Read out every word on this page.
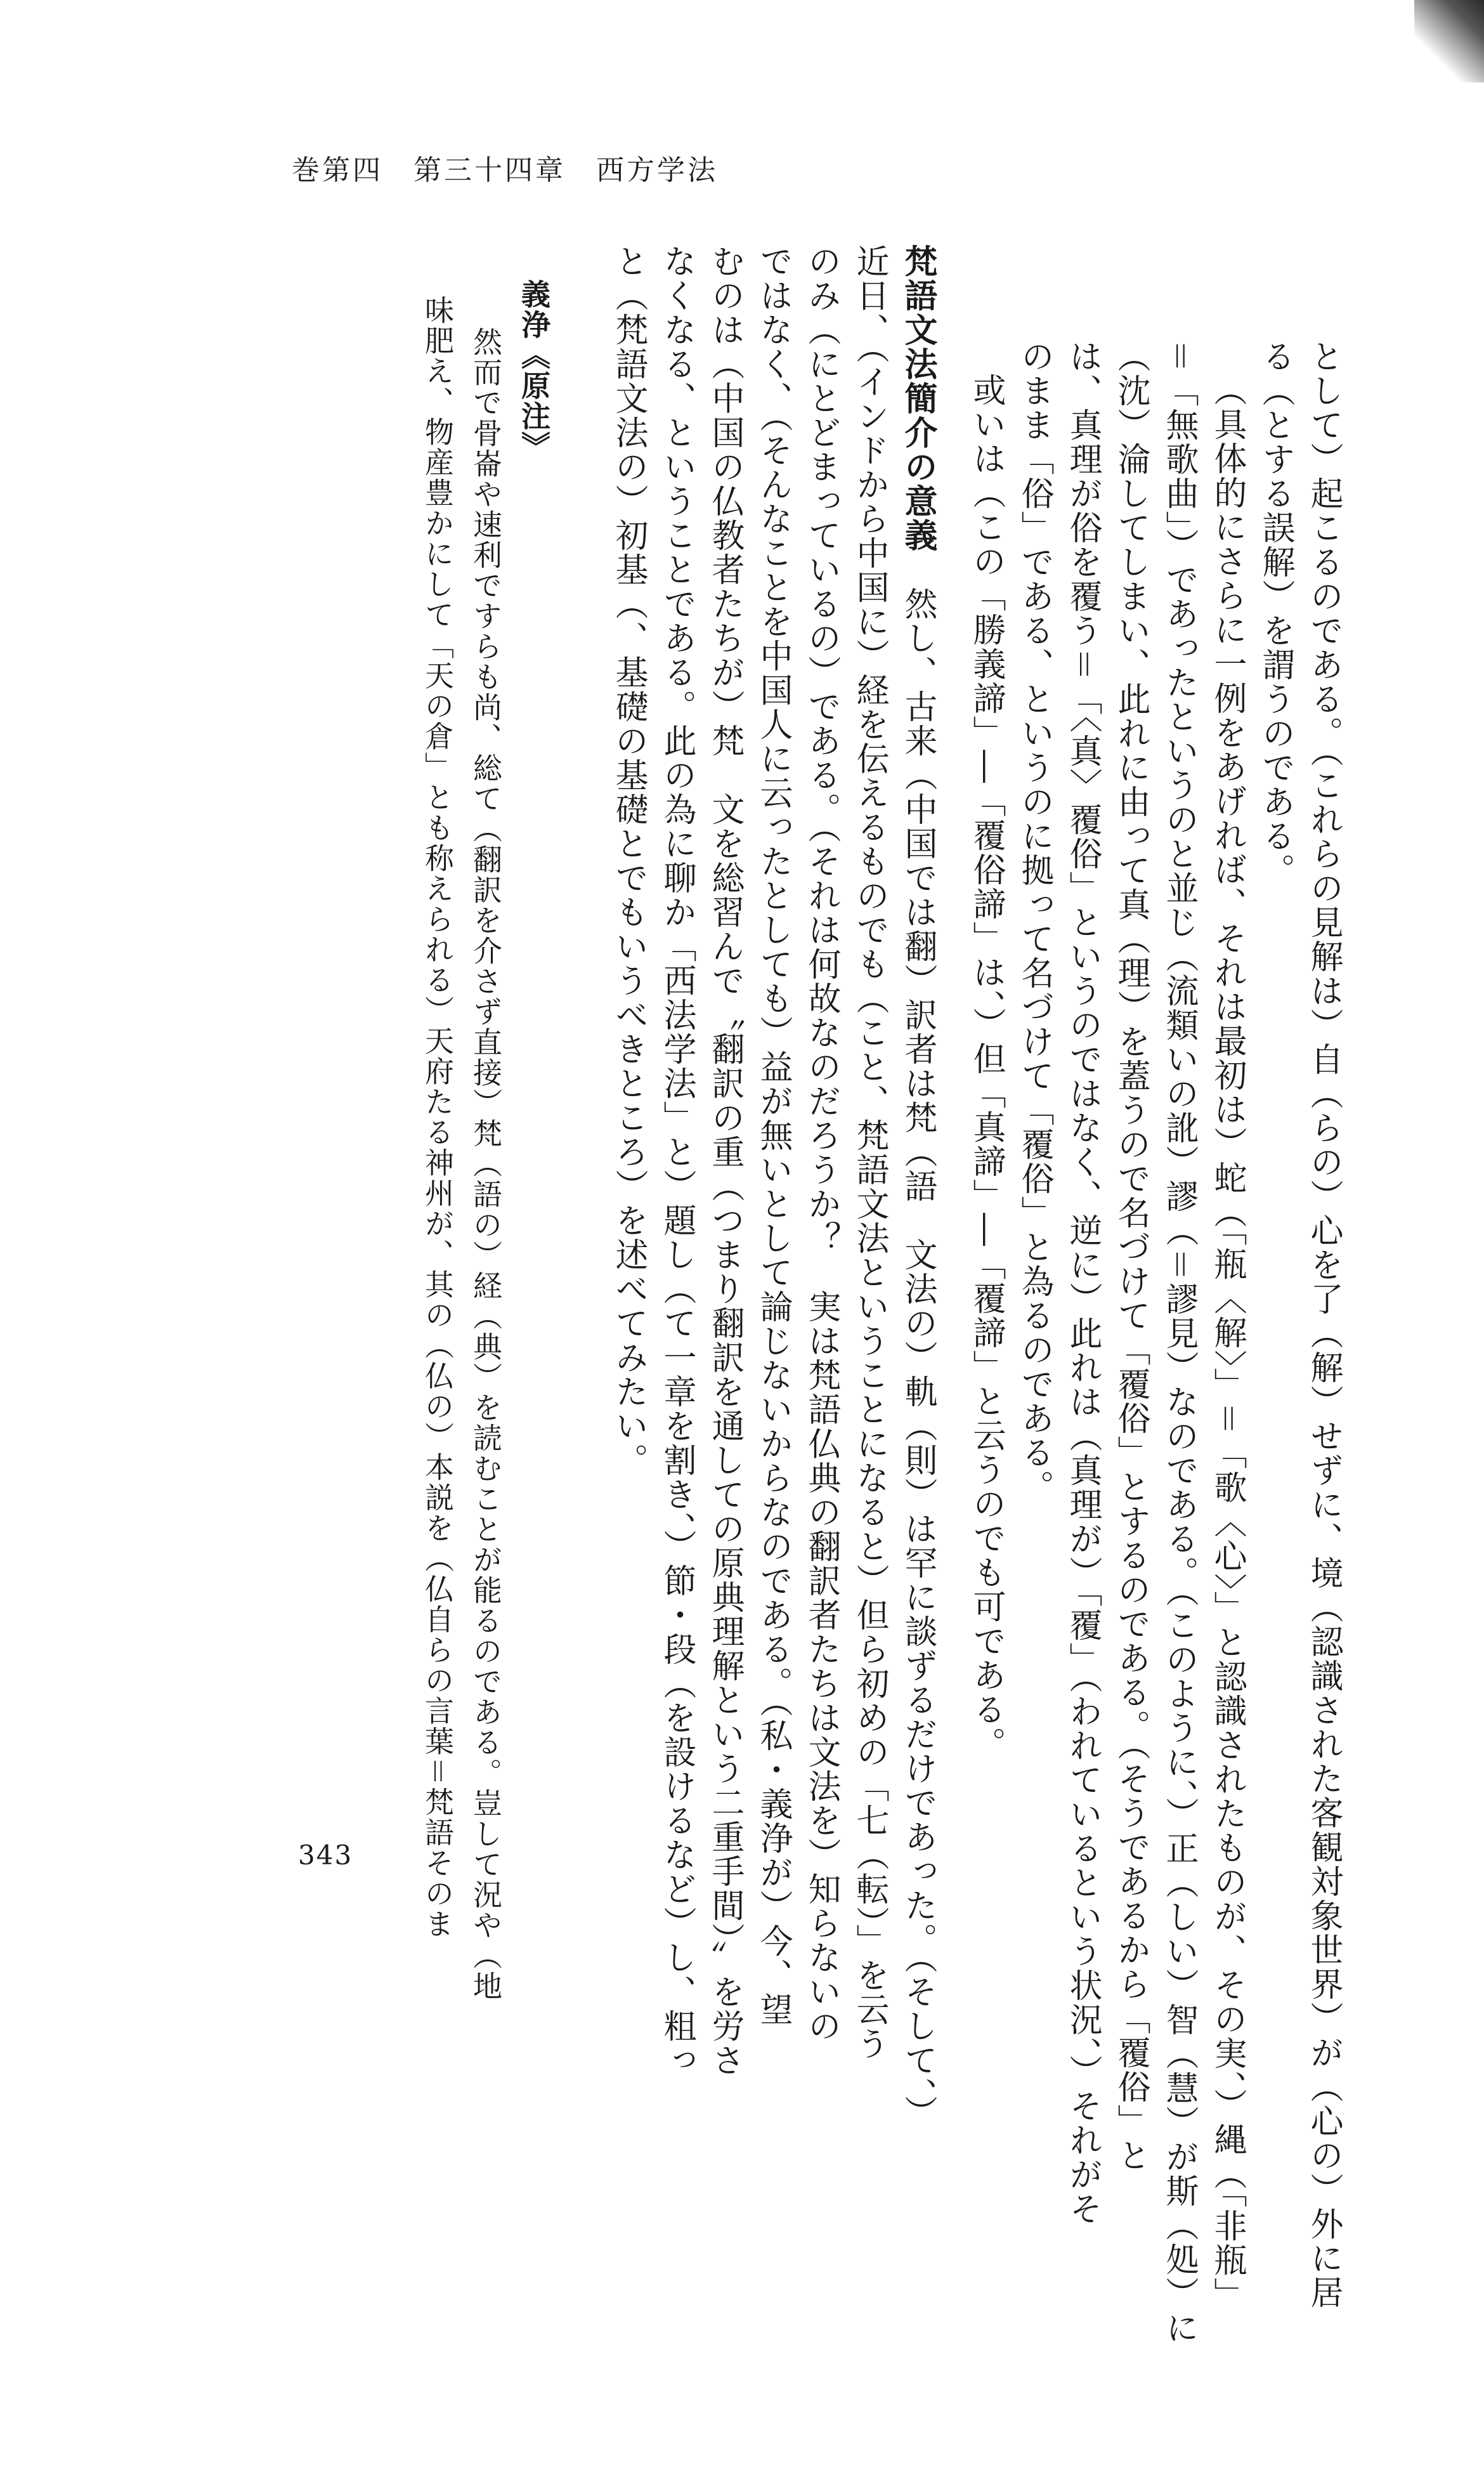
巻第四　第三十四章　西方学法

として）起こるのである。（これらの見解は）自（らの）心を了（解）せずに、境（認識された客観対象世界）が（心の）外に居

る（とする誤解）を謂うのである。

（具体的にさらに一例をあげれば、それは最初は）蛇（「瓶〈解〉」＝「歌〈心〉」と認識されたものが、その実、）縄（「非瓶」

＝「無歌曲」）であったというのと並じ（流類いの訛）謬（＝謬見）なのである。（このように、）正（しい）智（慧）が斯（処）に

（沈）淪してしまい、此れに由って真（理）を蓋うので名づけて「覆俗」とするのである。（そうであるから「覆俗」と

は、真理が俗を覆う＝「〈真〉覆俗」というのではなく、逆に）此れは（真理が）「覆」（われているという状況、）それがそ

のまま「俗」である、というのに拠って名づけて「覆俗」と為るのである。

或いは（この「勝義諦」―「覆俗諦」は、）但「真諦」―「覆諦」と云うのでも可である。

梵語文法簡介の意義　然し、古来（中国では翻）訳者は梵（語　文法の）軌（則）は罕に談ずるだけであった。（そして、）

近日、（インドから中国に）経を伝えるものでも（こと、梵語文法ということになると）但ら初めの「七（転）」を云う

のみ（にとどまっているの）である。（それは何故なのだろうか？　実は梵語仏典の翻訳者たちは文法を）知らないの

ではなく、（そんなことを中国人に云ったとしても）益が無いとして論じないからなのである。（私・義浄が）今、望

むのは（中国の仏教者たちが）梵　文を総習んで〝翻訳の重（つまり翻訳を通しての原典理解という二重手間）〞を労さ

なくなる、ということである。此の為に聊か「西法学法」と）題し（て一章を割き、）節・段（を設けるなど）し、粗っ

と（梵語文法の）初基（、基礎の基礎とでもいうべきところ）を述べてみたい。

義浄《原注》

然而で骨崙や速利ですらも尚、総て（翻訳を介さず直接）梵（語の）経（典）を読むことが能るのである。豈して況や（地

味肥え、物産豊かにして「天の倉」とも称えられる）天府たる神州が、其の（仏の）本説を（仏自らの言葉＝梵語そのま

343
